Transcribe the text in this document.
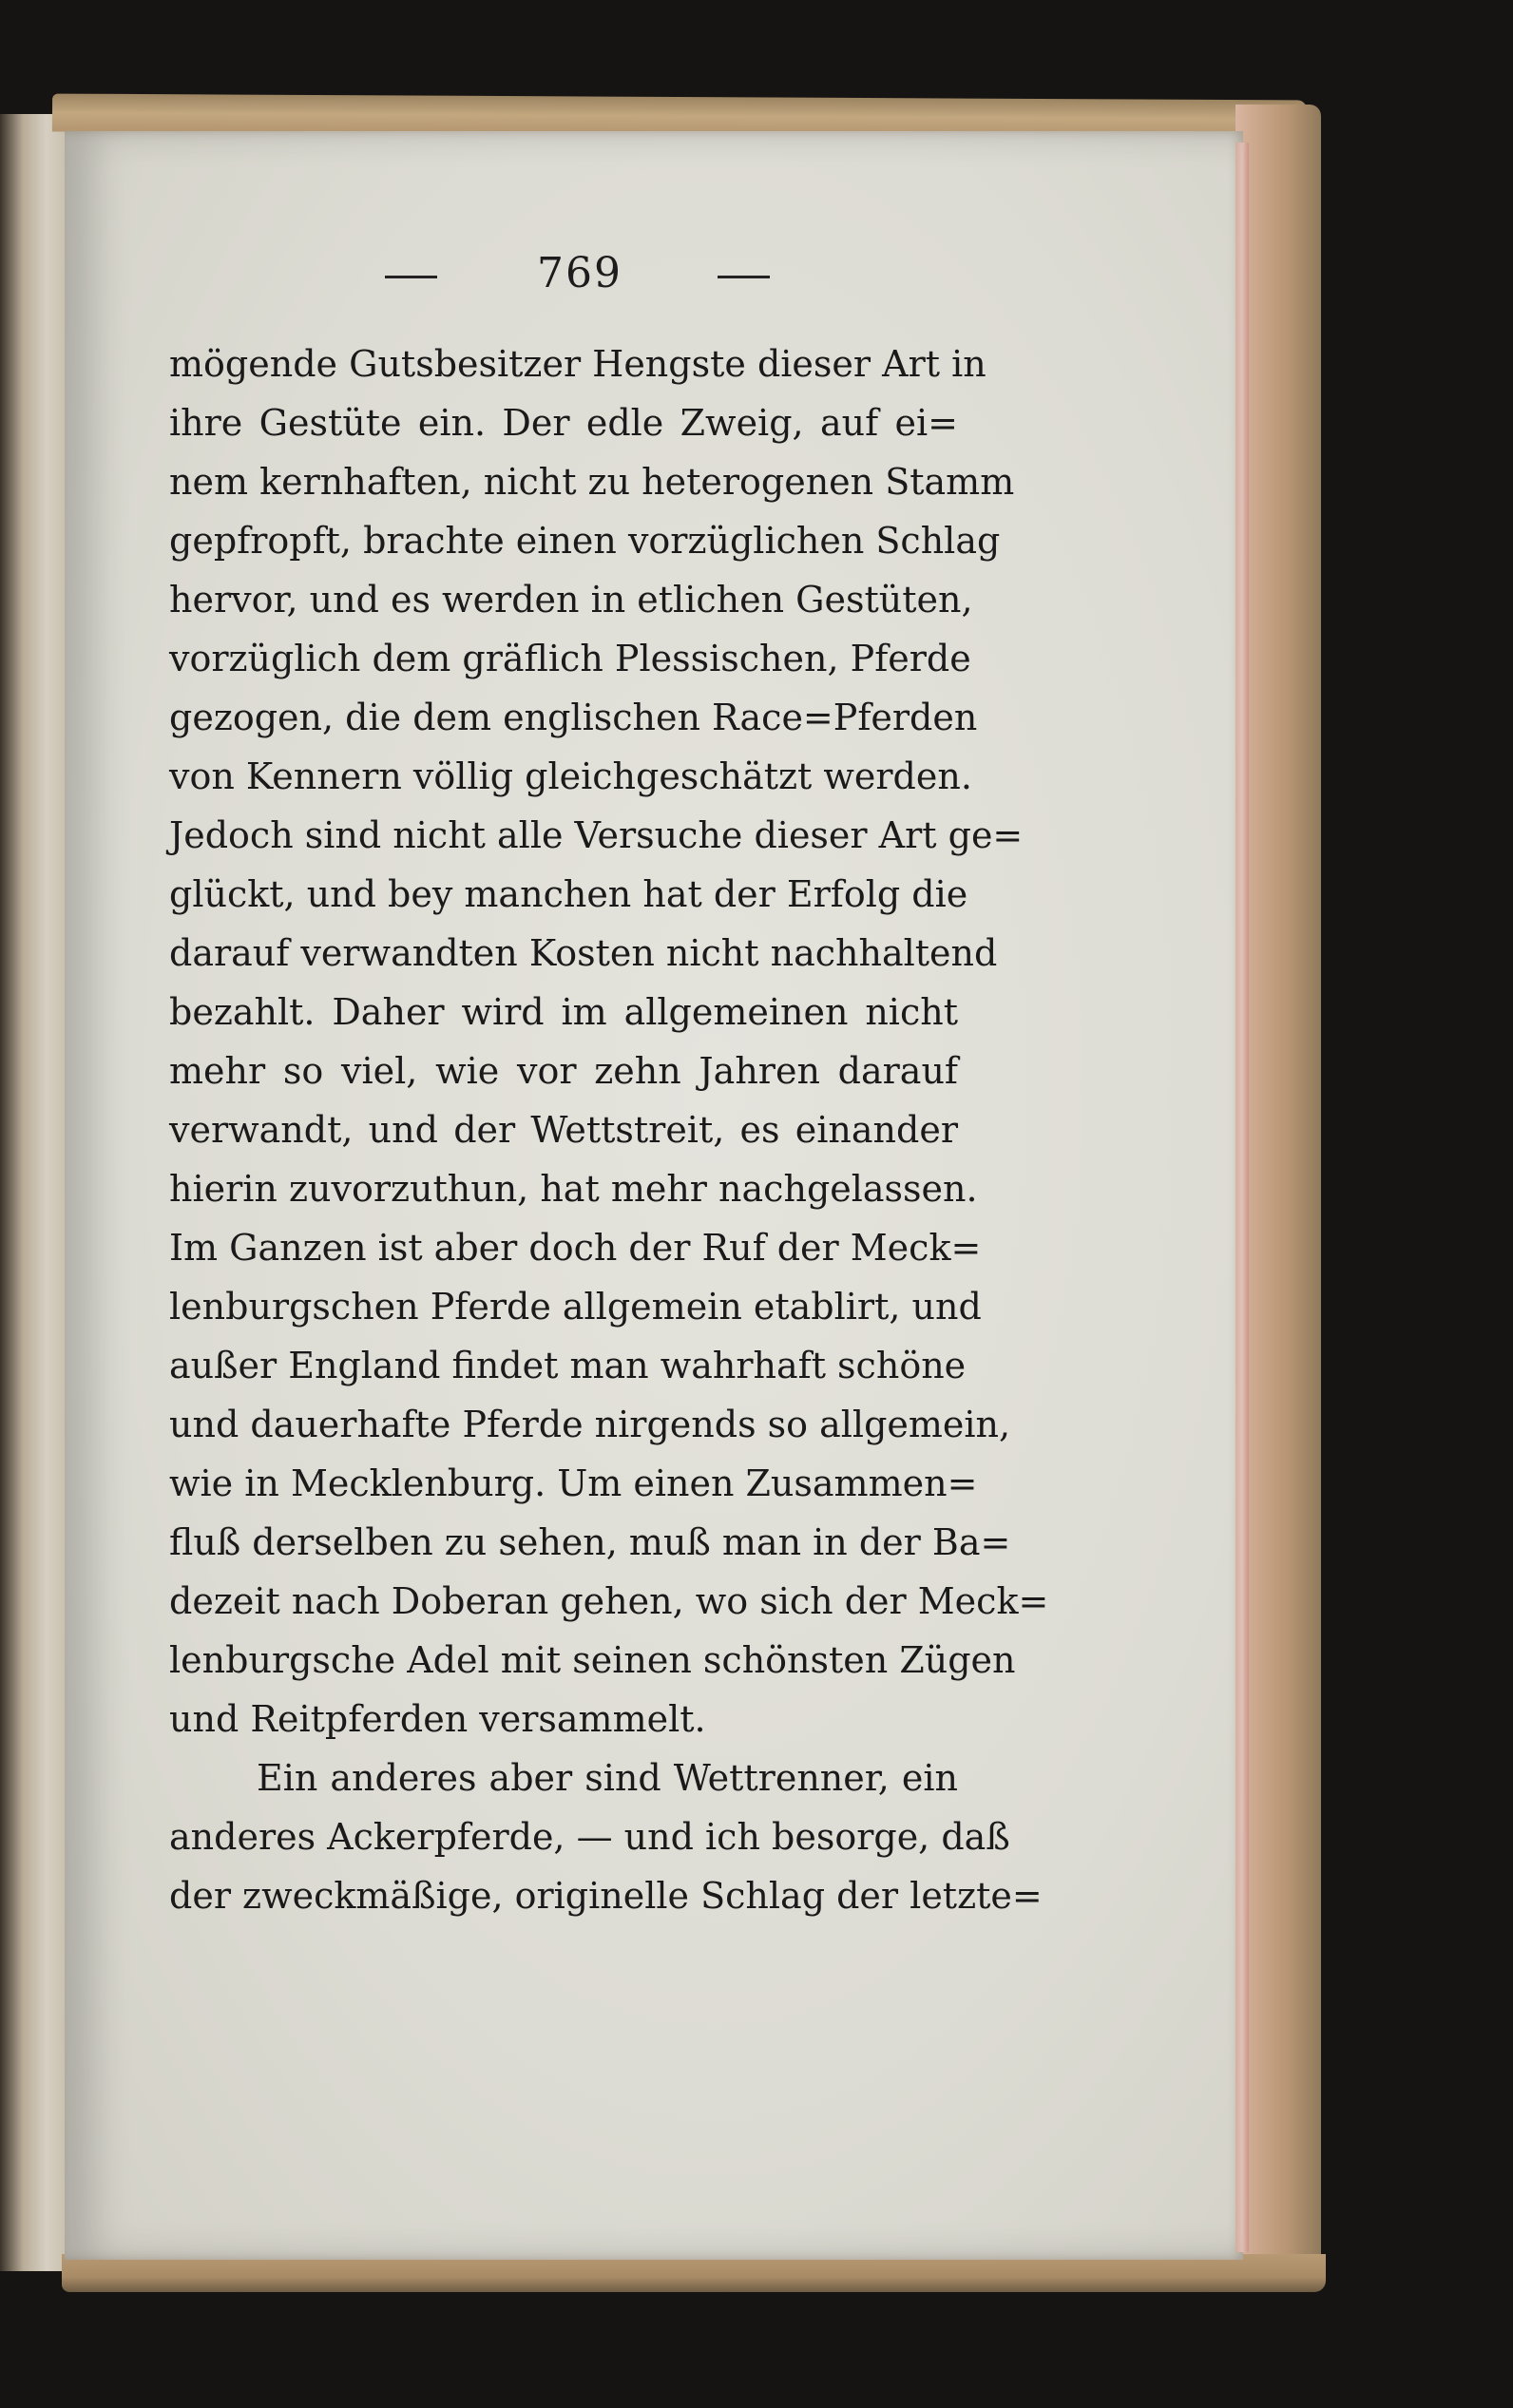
769
mögende Gutsbesitzer Hengste dieser Art in
ihre Gestüte ein. Der edle Zweig, auf ei=
nem kernhaften, nicht zu heterogenen Stamm
gepfropft, brachte einen vorzüglichen Schlag
hervor, und es werden in etlichen Gestüten,
vorzüglich dem gräflich Plessischen, Pferde
gezogen, die dem englischen Race=Pferden
von Kennern völlig gleichgeschätzt werden.
Jedoch sind nicht alle Versuche dieser Art ge=
glückt, und bey manchen hat der Erfolg die
darauf verwandten Kosten nicht nachhaltend
bezahlt. Daher wird im allgemeinen nicht
mehr so viel, wie vor zehn Jahren darauf
verwandt, und der Wettstreit, es einander
hierin zuvorzuthun, hat mehr nachgelassen.
Im Ganzen ist aber doch der Ruf der Meck=
lenburgschen Pferde allgemein etablirt, und
außer England findet man wahrhaft schöne
und dauerhafte Pferde nirgends so allgemein,
wie in Mecklenburg. Um einen Zusammen=
fluß derselben zu sehen, muß man in der Ba=
dezeit nach Doberan gehen, wo sich der Meck=
lenburgsche Adel mit seinen schönsten Zügen
und Reitpferden versammelt.
Ein anderes aber sind Wettrenner, ein
anderes Ackerpferde, — und ich besorge, daß
der zweckmäßige, originelle Schlag der letzte=
